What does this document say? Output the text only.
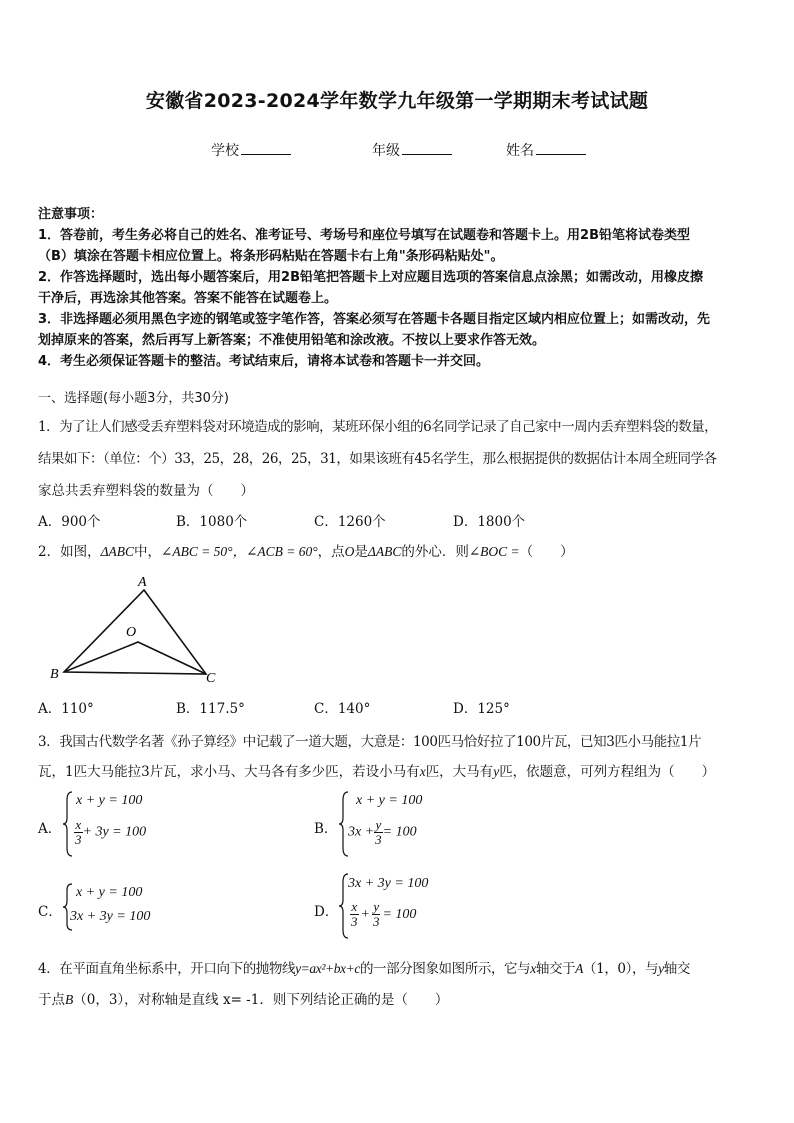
安徽省2023-2024学年数学九年级第一学期期末考试试题
学校	年级	姓名
注意事项：
1．答卷前，考生务必将自己的姓名、准考证号、考场号和座位号填写在试题卷和答题卡上。用2B铅笔将试卷类型
（B）填涂在答题卡相应位置上。将条形码粘贴在答题卡右上角"条形码粘贴处"。
2．作答选择题时，选出每小题答案后，用2B铅笔把答题卡上对应题目选项的答案信息点涂黑；如需改动，用橡皮擦
干净后，再选涂其他答案。答案不能答在试题卷上。
3．非选择题必须用黑色字迹的钢笔或签字笔作答，答案必须写在答题卡各题目指定区域内相应位置上；如需改动，先
划掉原来的答案，然后再写上新答案；不准使用铅笔和涂改液。不按以上要求作答无效。
4．考生必须保证答题卡的整洁。考试结束后，请将本试卷和答题卡一并交回。
一、选择题(每小题3分，共30分)
1．为了让人们感受丢弃塑料袋对环境造成的影响，某班环保小组的6名同学记录了自己家中一周内丢弃塑料袋的数量，
结果如下：（单位：个）33，25，28，26，25，31，如果该班有45名学生，那么根据提供的数据估计本周全班同学各
家总共丢弃塑料袋的数量为（　　）
A．900个	B．1080个	C．1260个	D．1800个
2．如图，ΔABC中，∠ABC = 50°，∠ACB = 60°，点O是ΔABC的外心．则∠BOC =（　　）
A
B	C
O
A．110°	B．117.5°	C．140°	D．125°
3．我国古代数学名著《孙子算经》中记载了一道大题，大意是：100匹马恰好拉了100片瓦，已知3匹小马能拉1片
瓦，1匹大马能拉3片瓦，求小马、大马各有多少匹，若设小马有x匹，大马有y匹，依题意，可列方程组为（　　）
A．
x + y = 100
$\frac{x}{3} + 3y = 100$	B．
x + y = 100
$3x + \frac{y}{3} = 100$
C．
x + y = 100
3x + 3y = 100	D．
3x + 3y = 100
$\frac{x}{3} + \frac{y}{3} = 100$
4．在平面直角坐标系中，开口向下的抛物线y=ax²+bx+c的一部分图象如图所示，它与x轴交于A（1，0），与y轴交
于点B（0，3），对称轴是直线 x= -1．则下列结论正确的是（　　）
